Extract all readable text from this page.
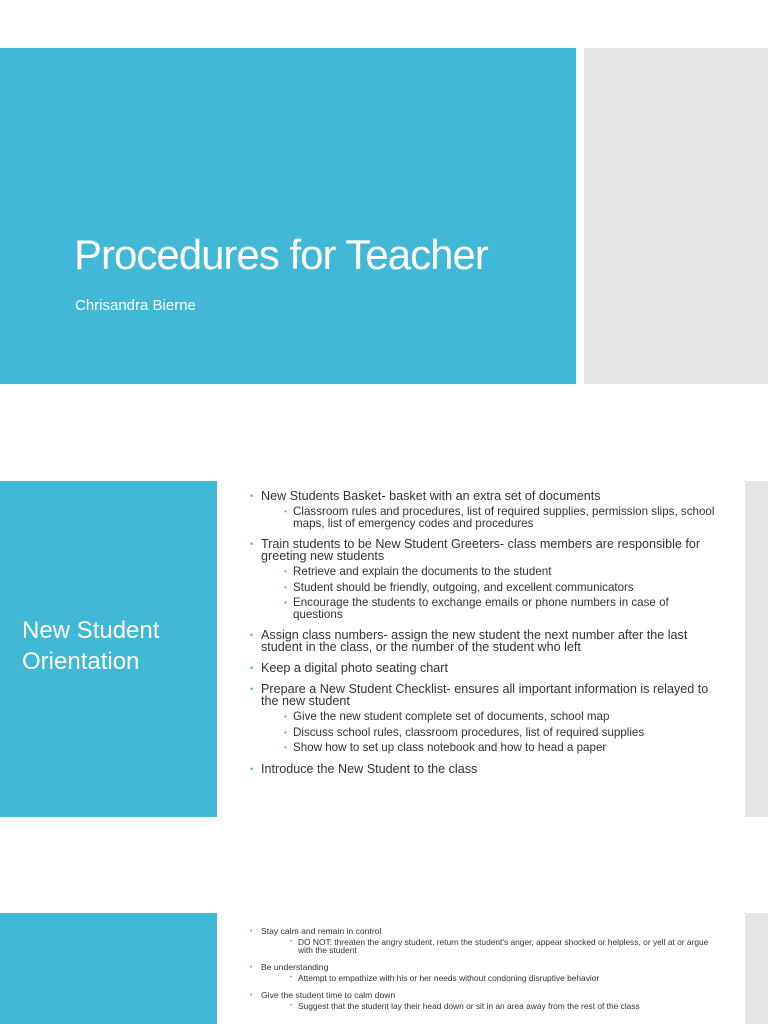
Procedures for Teacher
Chrisandra Bierne
New Student Orientation
• New Students Basket- basket with an extra set of documents
• Classroom rules and procedures, list of required supplies, permission slips, school maps, list of emergency codes and procedures
• Train students to be New Student Greeters- class members are responsible for greeting new students
• Retrieve and explain the documents to the student
• Student should be friendly, outgoing, and excellent communicators
• Encourage the students to exchange emails or phone numbers in case of questions
• Assign class numbers- assign the new student the next number after the last student in the class, or the number of the student who left
• Keep a digital photo seating chart
• Prepare a New Student Checklist- ensures all important information is relayed to the new student
• Give the new student complete set of documents, school map
• Discuss school rules, classroom procedures, list of required supplies
• Show how to set up class notebook and how to head a paper
• Introduce the New Student to the class
• Stay calm and remain in control
• DO NOT: threaten the angry student, return the student's anger, appear shocked or helpless, or yell at or argue with the student
• Be understanding
• Attempt to empathize with his or her needs without condoning disruptive behavior
• Give the student time to calm down
• Suggest that the student lay their head down or sit in an area away from the rest of the class
